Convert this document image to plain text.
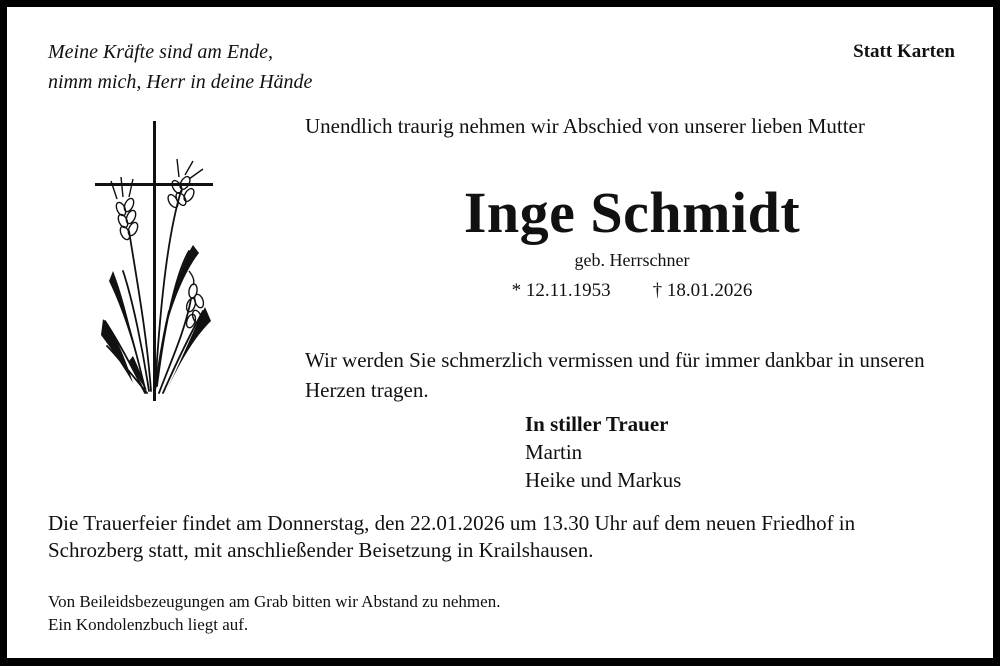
Meine Kräfte sind am Ende,
nimm mich, Herr in deine Hände
Statt Karten
Unendlich traurig nehmen wir Abschied von unserer lieben Mutter
Inge Schmidt
geb. Herrschner
* 12.11.1953 † 18.01.2026
Wir werden Sie schmerzlich vermissen und für immer dankbar in unseren
Herzen tragen.
In stiller Trauer
Martin
Heike und Markus
Die Trauerfeier findet am Donnerstag, den 22.01.2026 um 13.30 Uhr auf dem neuen Friedhof in
Schrozberg statt, mit anschließender Beisetzung in Krailshausen.
Von Beileidsbezeugungen am Grab bitten wir Abstand zu nehmen.
Ein Kondolenzbuch liegt auf.
